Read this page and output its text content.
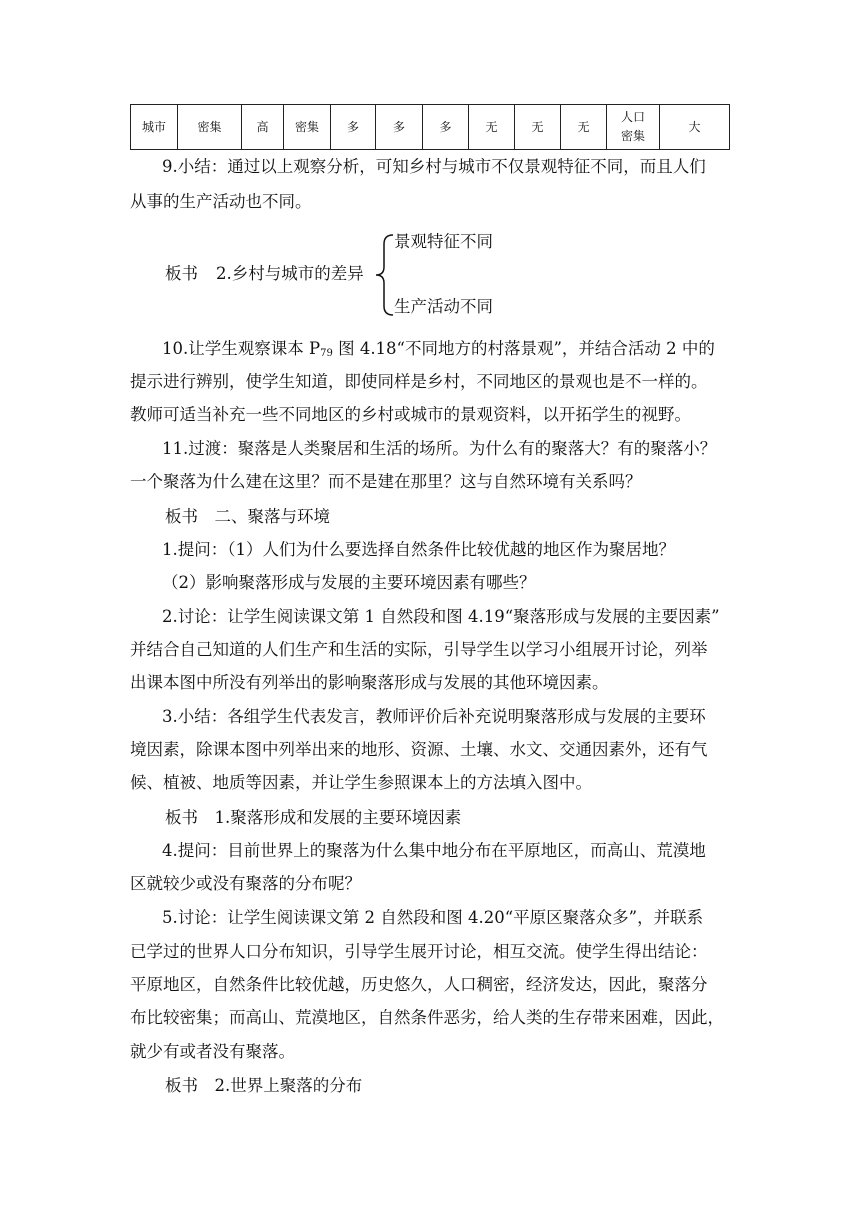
城市	密集	高	密集	多	多	多	无	无	无	人口密集	大
9.小结：通过以上观察分析，可知乡村与城市不仅景观特征不同，而且人们
从事的生产活动也不同。
板书 2.乡村与城市的差异
景观特征不同
生产活动不同
10.让学生观察课本 $P_{79}$ 图 4.18“不同地方的村落景观”，并结合活动 2 中的
提示进行辨别，使学生知道，即使同样是乡村，不同地区的景观也是不一样的。
教师可适当补充一些不同地区的乡村或城市的景观资料，以开拓学生的视野。
11.过渡：聚落是人类聚居和生活的场所。为什么有的聚落大？有的聚落小？
一个聚落为什么建在这里？而不是建在那里？这与自然环境有关系吗？
板书　二、聚落与环境
1.提问：（1）人们为什么要选择自然条件比较优越的地区作为聚居地？
（2）影响聚落形成与发展的主要环境因素有哪些？
2.讨论：让学生阅读课文第 1 自然段和图 4.19“聚落形成与发展的主要因素”
并结合自己知道的人们生产和生活的实际，引导学生以学习小组展开讨论，列举
出课本图中所没有列举出的影响聚落形成与发展的其他环境因素。
3.小结：各组学生代表发言，教师评价后补充说明聚落形成与发展的主要环
境因素，除课本图中列举出来的地形、资源、土壤、水文、交通因素外，还有气
候、植被、地质等因素，并让学生参照课本上的方法填入图中。
板书　1.聚落形成和发展的主要环境因素
4.提问：目前世界上的聚落为什么集中地分布在平原地区，而高山、荒漠地
区就较少或没有聚落的分布呢？
5.讨论：让学生阅读课文第 2 自然段和图 4.20“平原区聚落众多”，并联系
已学过的世界人口分布知识，引导学生展开讨论，相互交流。使学生得出结论：
平原地区，自然条件比较优越，历史悠久，人口稠密，经济发达，因此，聚落分
布比较密集；而高山、荒漠地区，自然条件恶劣，给人类的生存带来困难，因此，
就少有或者没有聚落。
板书　2.世界上聚落的分布
